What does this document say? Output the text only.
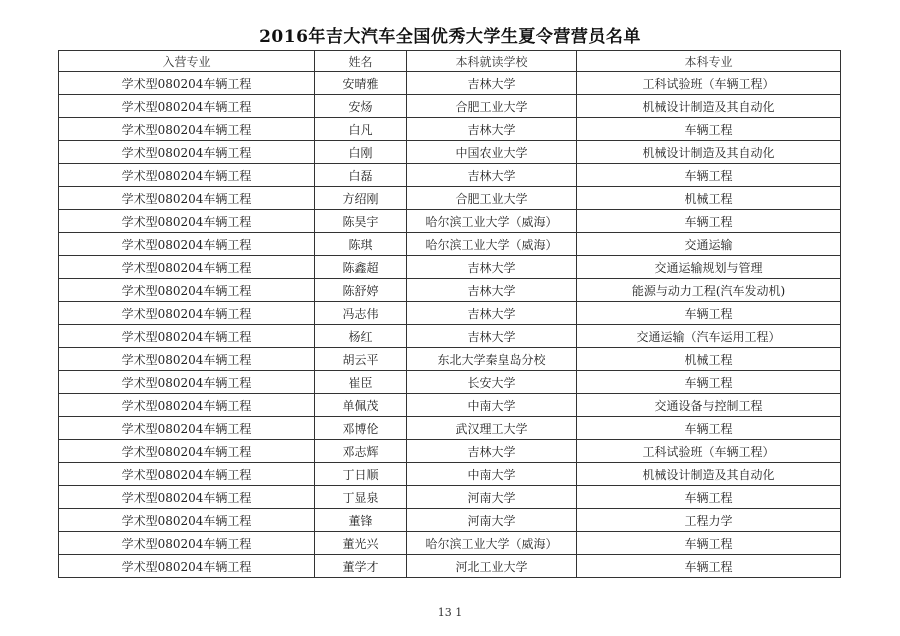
2016年吉大汽车全国优秀大学生夏令营营员名单
入营专业	姓名	本科就读学校	本科专业
学术型080204车辆工程	安晴雅	吉林大学	工科试验班（车辆工程）
学术型080204车辆工程	安炀	合肥工业大学	机械设计制造及其自动化
学术型080204车辆工程	白凡	吉林大学	车辆工程
学术型080204车辆工程	白刚	中国农业大学	机械设计制造及其自动化
学术型080204车辆工程	白磊	吉林大学	车辆工程
学术型080204车辆工程	方绍刚	合肥工业大学	机械工程
学术型080204车辆工程	陈昊宇	哈尔滨工业大学（威海）	车辆工程
学术型080204车辆工程	陈琪	哈尔滨工业大学（威海）	交通运输
学术型080204车辆工程	陈鑫超	吉林大学	交通运输规划与管理
学术型080204车辆工程	陈舒婷	吉林大学	能源与动力工程(汽车发动机)
学术型080204车辆工程	冯志伟	吉林大学	车辆工程
学术型080204车辆工程	杨红	吉林大学	交通运输（汽车运用工程）
学术型080204车辆工程	胡云平	东北大学秦皇岛分校	机械工程
学术型080204车辆工程	崔臣	长安大学	车辆工程
学术型080204车辆工程	单佩茂	中南大学	交通设备与控制工程
学术型080204车辆工程	邓博伦	武汉理工大学	车辆工程
学术型080204车辆工程	邓志辉	吉林大学	工科试验班（车辆工程）
学术型080204车辆工程	丁日顺	中南大学	机械设计制造及其自动化
学术型080204车辆工程	丁显泉	河南大学	车辆工程
学术型080204车辆工程	董锋	河南大学	工程力学
学术型080204车辆工程	董光兴	哈尔滨工业大学（威海）	车辆工程
学术型080204车辆工程	董学才	河北工业大学	车辆工程
13 1
